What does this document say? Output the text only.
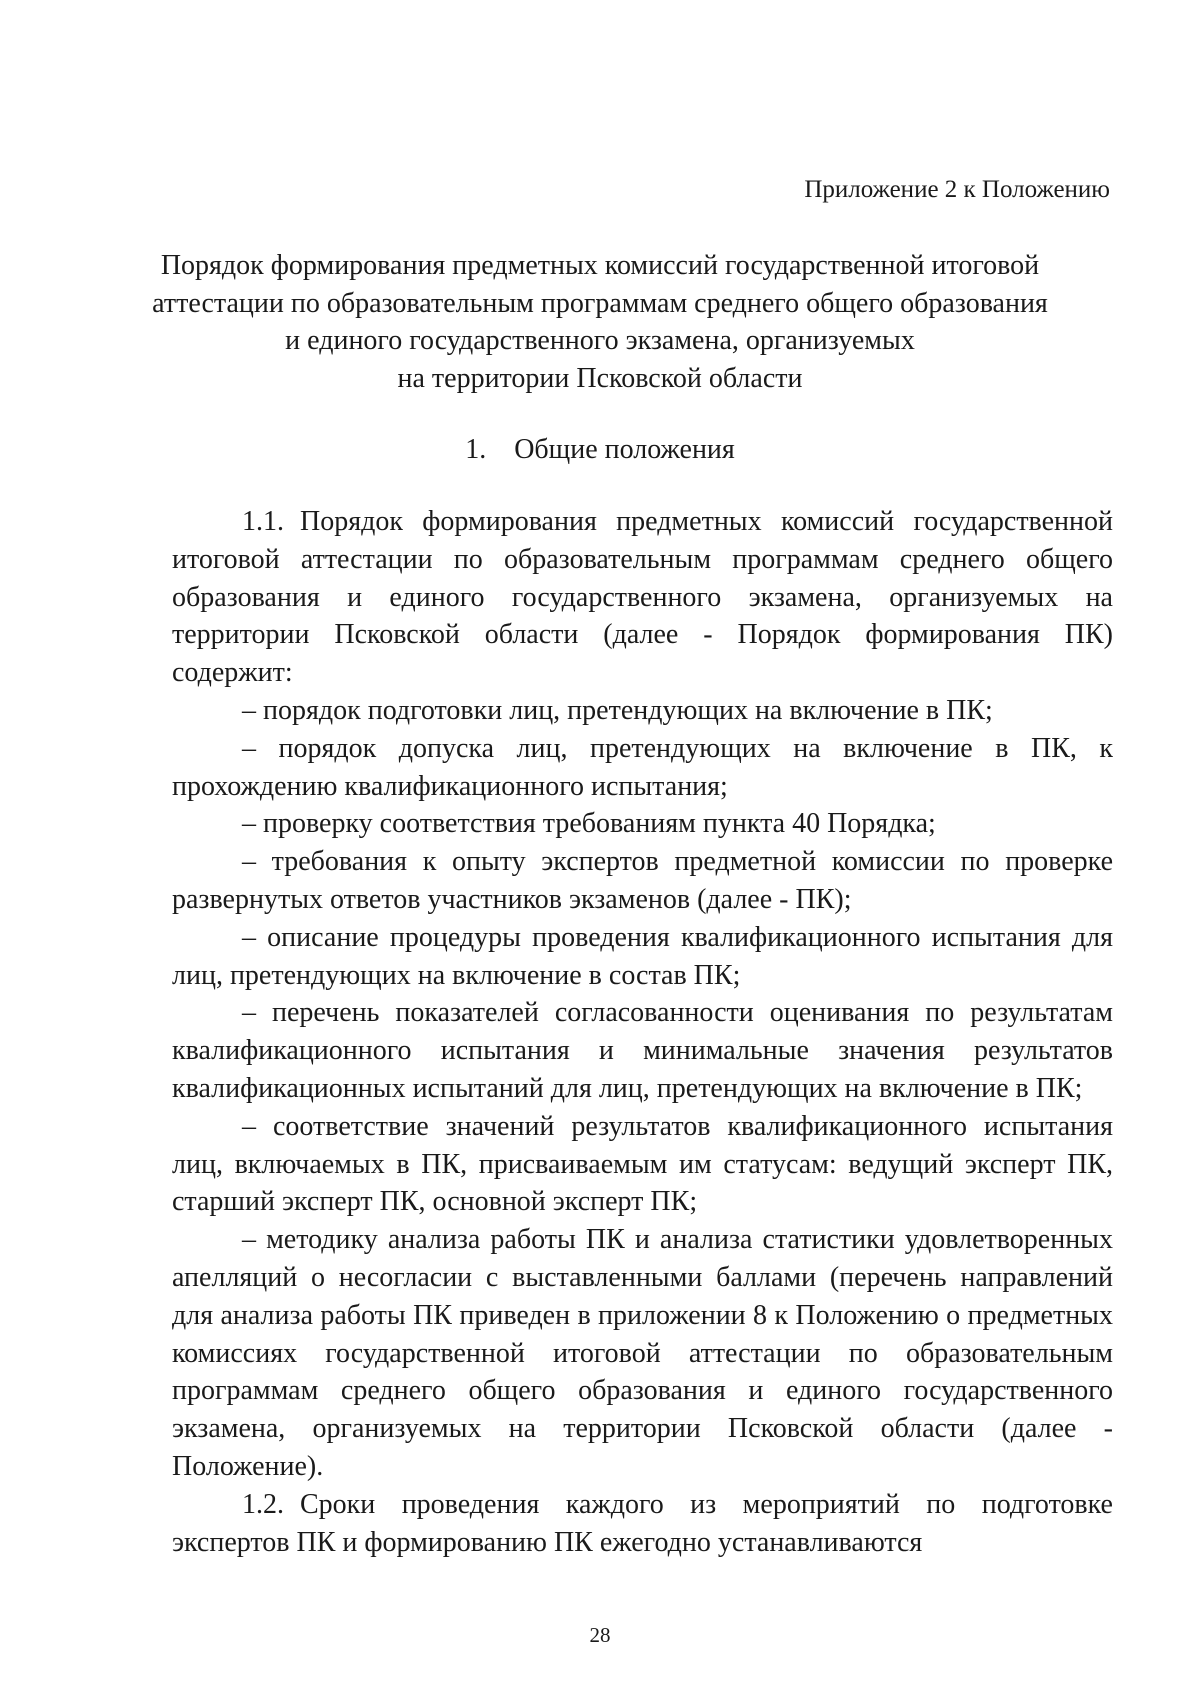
Приложение 2 к Положению
Порядок формирования предметных комиссий государственной итоговой
аттестации по образовательным программам среднего общего образования
и единого государственного экзамена, организуемых
на территории Псковской области
1. Общие положения

1.1. Порядок формирования предметных комиссий государственной итоговой аттестации по образовательным программам среднего общего образования и единого государственного экзамена, организуемых на территории Псковской области (далее - Порядок формирования ПК) содержит:

– порядок подготовки лиц, претендующих на включение в ПК;

– порядок допуска лиц, претендующих на включение в ПК, к прохождению квалификационного испытания;

– проверку соответствия требованиям пункта 40 Порядка;

– требования к опыту экспертов предметной комиссии по проверке развернутых ответов участников экзаменов (далее - ПК);

– описание процедуры проведения квалификационного испытания для лиц, претендующих на включение в состав ПК;

– перечень показателей согласованности оценивания по результатам квалификационного испытания и минимальные значения результатов квалификационных испытаний для лиц, претендующих на включение в ПК;

– соответствие значений результатов квалификационного испытания лиц, включаемых в ПК, присваиваемым им статусам: ведущий эксперт ПК, старший эксперт ПК, основной эксперт ПК;

– методику анализа работы ПК и анализа статистики удовлетворенных апелляций о несогласии с выставленными баллами (перечень направлений для анализа работы ПК приведен в приложении 8 к Положению о предметных комиссиях государственной итоговой аттестации по образовательным программам среднего общего образования и единого государственного экзамена, организуемых на территории Псковской области (далее - Положение).

1.2. Сроки проведения каждого из мероприятий по подготовке экспертов ПК и формированию ПК ежегодно устанавливаются

28
